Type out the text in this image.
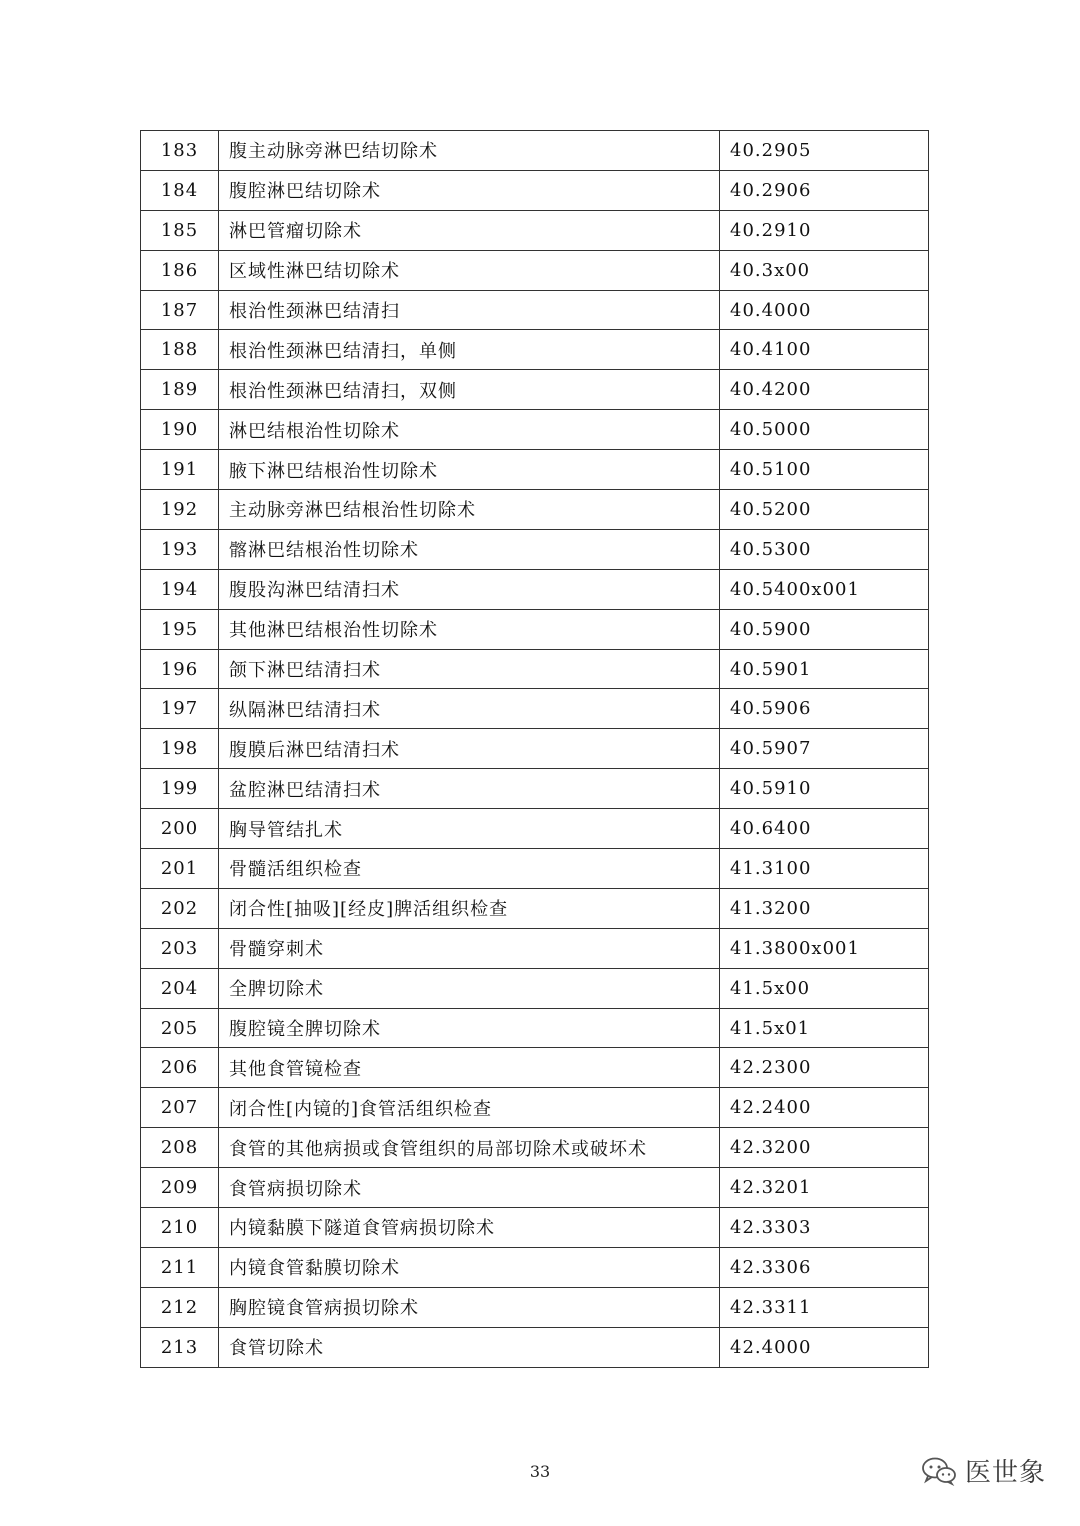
183	腹主动脉旁淋巴结切除术	40.2905
184	腹腔淋巴结切除术	40.2906
185	淋巴管瘤切除术	40.2910
186	区域性淋巴结切除术	40.3x00
187	根治性颈淋巴结清扫	40.4000
188	根治性颈淋巴结清扫，单侧	40.4100
189	根治性颈淋巴结清扫，双侧	40.4200
190	淋巴结根治性切除术	40.5000
191	腋下淋巴结根治性切除术	40.5100
192	主动脉旁淋巴结根治性切除术	40.5200
193	髂淋巴结根治性切除术	40.5300
194	腹股沟淋巴结清扫术	40.5400x001
195	其他淋巴结根治性切除术	40.5900
196	颌下淋巴结清扫术	40.5901
197	纵隔淋巴结清扫术	40.5906
198	腹膜后淋巴结清扫术	40.5907
199	盆腔淋巴结清扫术	40.5910
200	胸导管结扎术	40.6400
201	骨髓活组织检查	41.3100
202	闭合性[抽吸][经皮]脾活组织检查	41.3200
203	骨髓穿刺术	41.3800x001
204	全脾切除术	41.5x00
205	腹腔镜全脾切除术	41.5x01
206	其他食管镜检查	42.2300
207	闭合性[内镜的]食管活组织检查	42.2400
208	食管的其他病损或食管组织的局部切除术或破坏术	42.3200
209	食管病损切除术	42.3201
210	内镜黏膜下隧道食管病损切除术	42.3303
211	内镜食管黏膜切除术	42.3306
212	胸腔镜食管病损切除术	42.3311
213	食管切除术	42.4000
33	医世象
